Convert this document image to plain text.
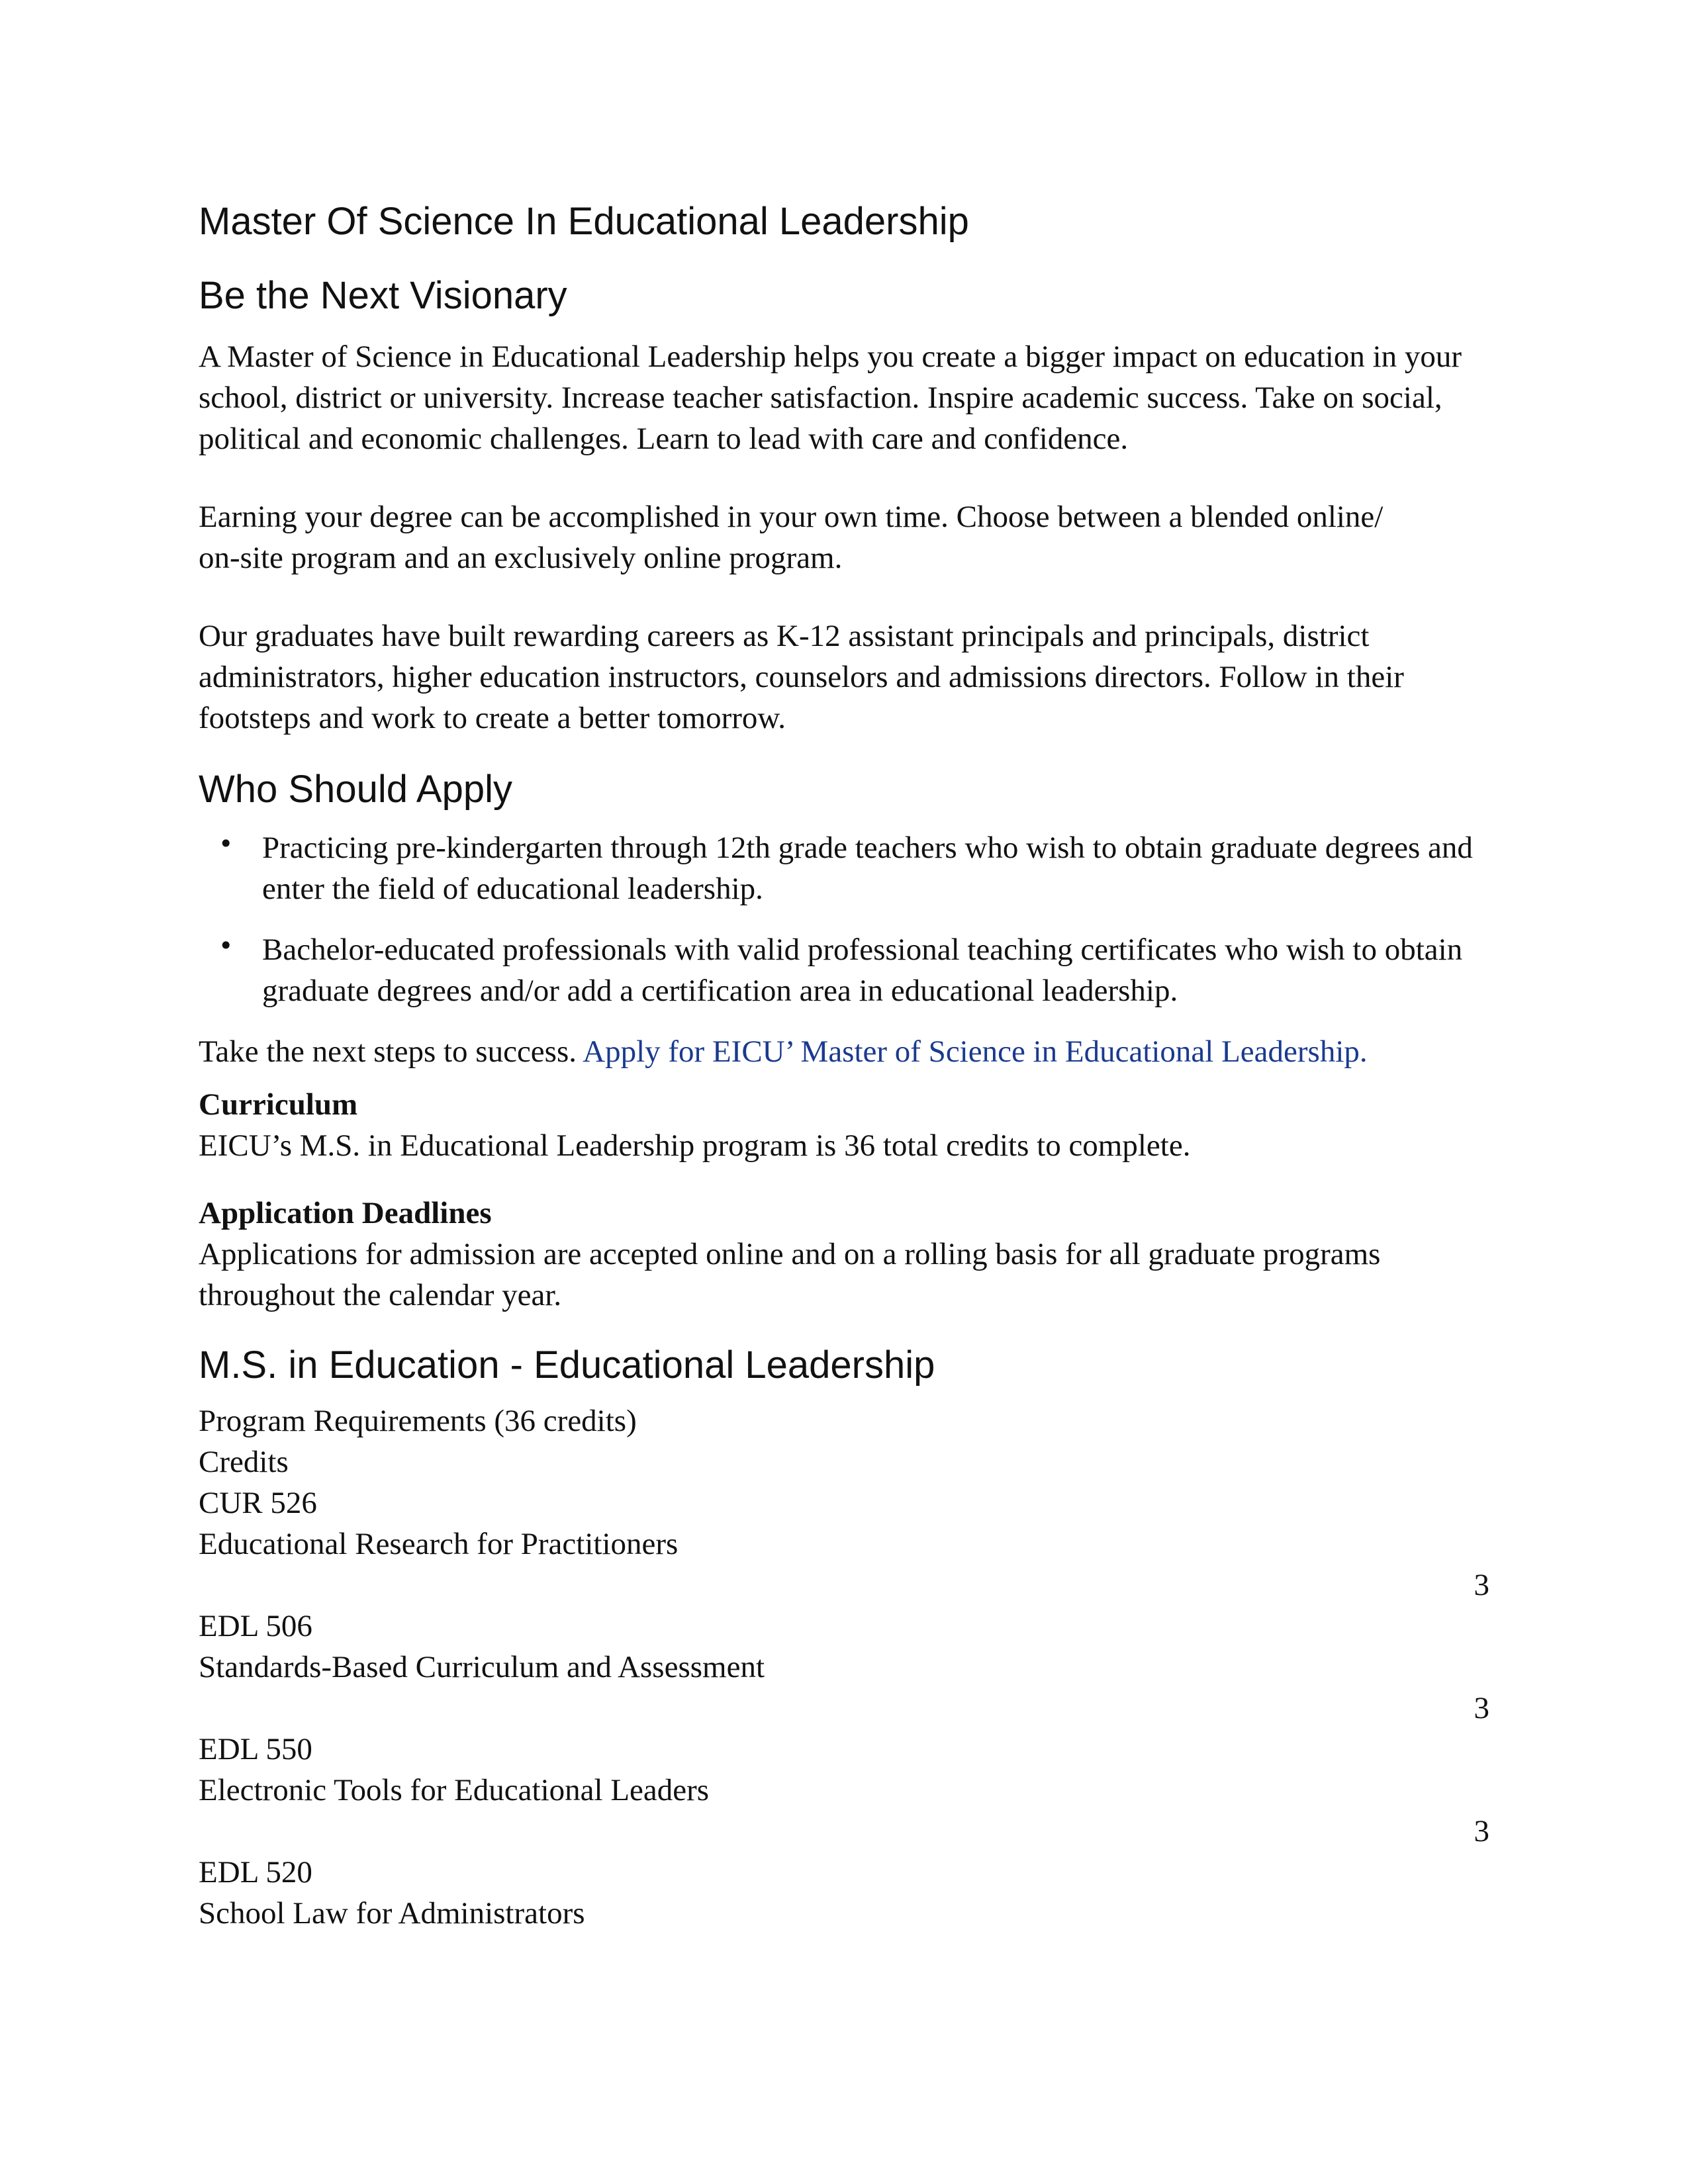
Master Of Science In Educational Leadership
Be the Next Visionary

A Master of Science in Educational Leadership helps you create a bigger impact on education in your school, district or university. Increase teacher satisfaction. Inspire academic success. Take on social, political and economic challenges. Learn to lead with care and confidence.

Earning your degree can be accomplished in your own time. Choose between a blended online/
on-site program and an exclusively online program.

Our graduates have built rewarding careers as K-12 assistant principals and principals, district administrators, higher education instructors, counselors and admissions directors. Follow in their footsteps and work to create a better tomorrow.

Who Should Apply
• Practicing pre-kindergarten through 12th grade teachers who wish to obtain graduate degrees and enter the field of educational leadership.
• Bachelor-educated professionals with valid professional teaching certificates who wish to obtain graduate degrees and/or add a certification area in educational leadership.

Take the next steps to success. Apply for EICU’ Master of Science in Educational Leadership.

Curriculum

EICU’s M.S. in Educational Leadership program is 36 total credits to complete.

Application Deadlines

Applications for admission are accepted online and on a rolling basis for all graduate programs throughout the calendar year.

M.S. in Education - Educational Leadership

Program Requirements (36 credits)

Credits

CUR 526

Educational Research for Practitioners

3

EDL 506

Standards-Based Curriculum and Assessment

3

EDL 550

Electronic Tools for Educational Leaders

3

EDL 520

School Law for Administrators
